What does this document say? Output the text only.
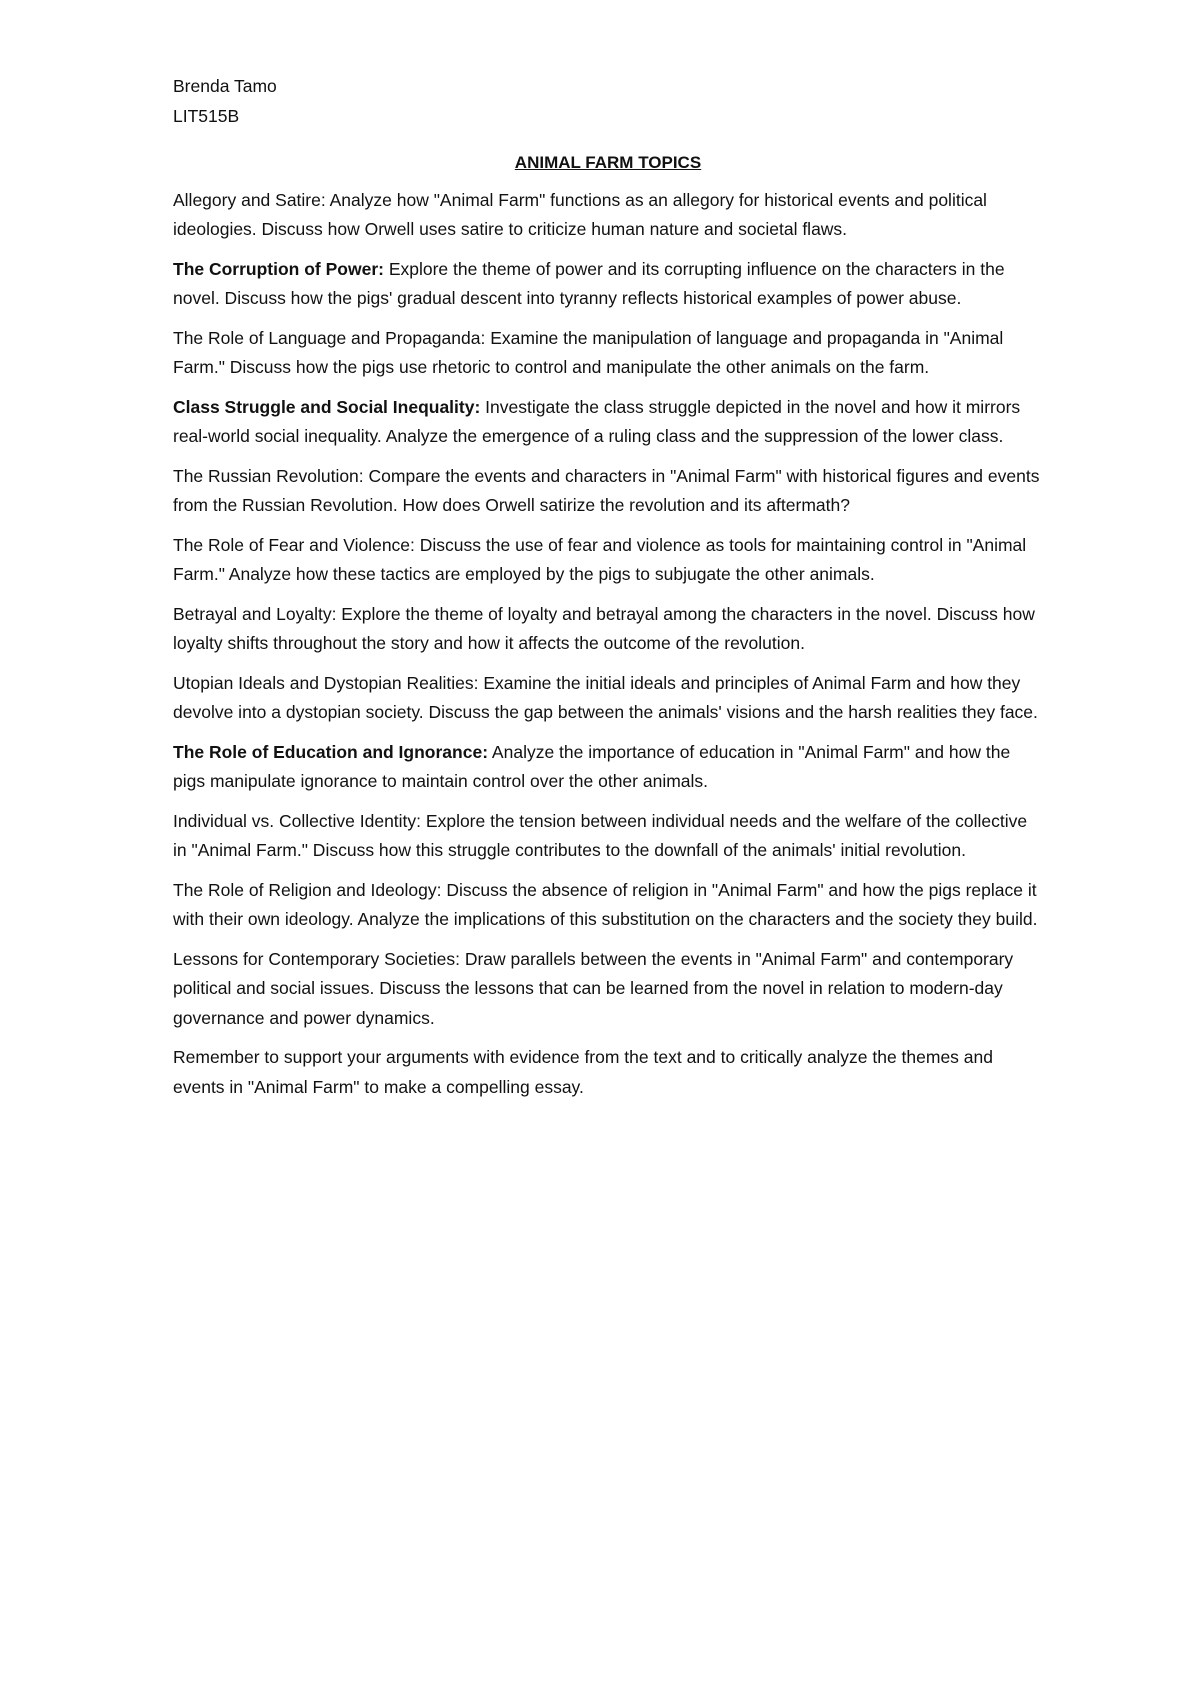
Brenda Tamo

LIT515B

ANIMAL FARM TOPICS

Allegory and Satire: Analyze how "Animal Farm" functions as an allegory for historical events and political ideologies. Discuss how Orwell uses satire to criticize human nature and societal flaws.

The Corruption of Power: Explore the theme of power and its corrupting influence on the characters in the novel. Discuss how the pigs' gradual descent into tyranny reflects historical examples of power abuse.

The Role of Language and Propaganda: Examine the manipulation of language and propaganda in "Animal Farm." Discuss how the pigs use rhetoric to control and manipulate the other animals on the farm.

Class Struggle and Social Inequality: Investigate the class struggle depicted in the novel and how it mirrors real-world social inequality. Analyze the emergence of a ruling class and the suppression of the lower class.

The Russian Revolution: Compare the events and characters in "Animal Farm" with historical figures and events from the Russian Revolution. How does Orwell satirize the revolution and its aftermath?

The Role of Fear and Violence: Discuss the use of fear and violence as tools for maintaining control in "Animal Farm." Analyze how these tactics are employed by the pigs to subjugate the other animals.

Betrayal and Loyalty: Explore the theme of loyalty and betrayal among the characters in the novel. Discuss how loyalty shifts throughout the story and how it affects the outcome of the revolution.

Utopian Ideals and Dystopian Realities: Examine the initial ideals and principles of Animal Farm and how they devolve into a dystopian society. Discuss the gap between the animals' visions and the harsh realities they face.

The Role of Education and Ignorance: Analyze the importance of education in "Animal Farm" and how the pigs manipulate ignorance to maintain control over the other animals.

Individual vs. Collective Identity: Explore the tension between individual needs and the welfare of the collective in "Animal Farm." Discuss how this struggle contributes to the downfall of the animals' initial revolution.

The Role of Religion and Ideology: Discuss the absence of religion in "Animal Farm" and how the pigs replace it with their own ideology. Analyze the implications of this substitution on the characters and the society they build.

Lessons for Contemporary Societies: Draw parallels between the events in "Animal Farm" and contemporary political and social issues. Discuss the lessons that can be learned from the novel in relation to modern-day governance and power dynamics.

Remember to support your arguments with evidence from the text and to critically analyze the themes and events in "Animal Farm" to make a compelling essay.
